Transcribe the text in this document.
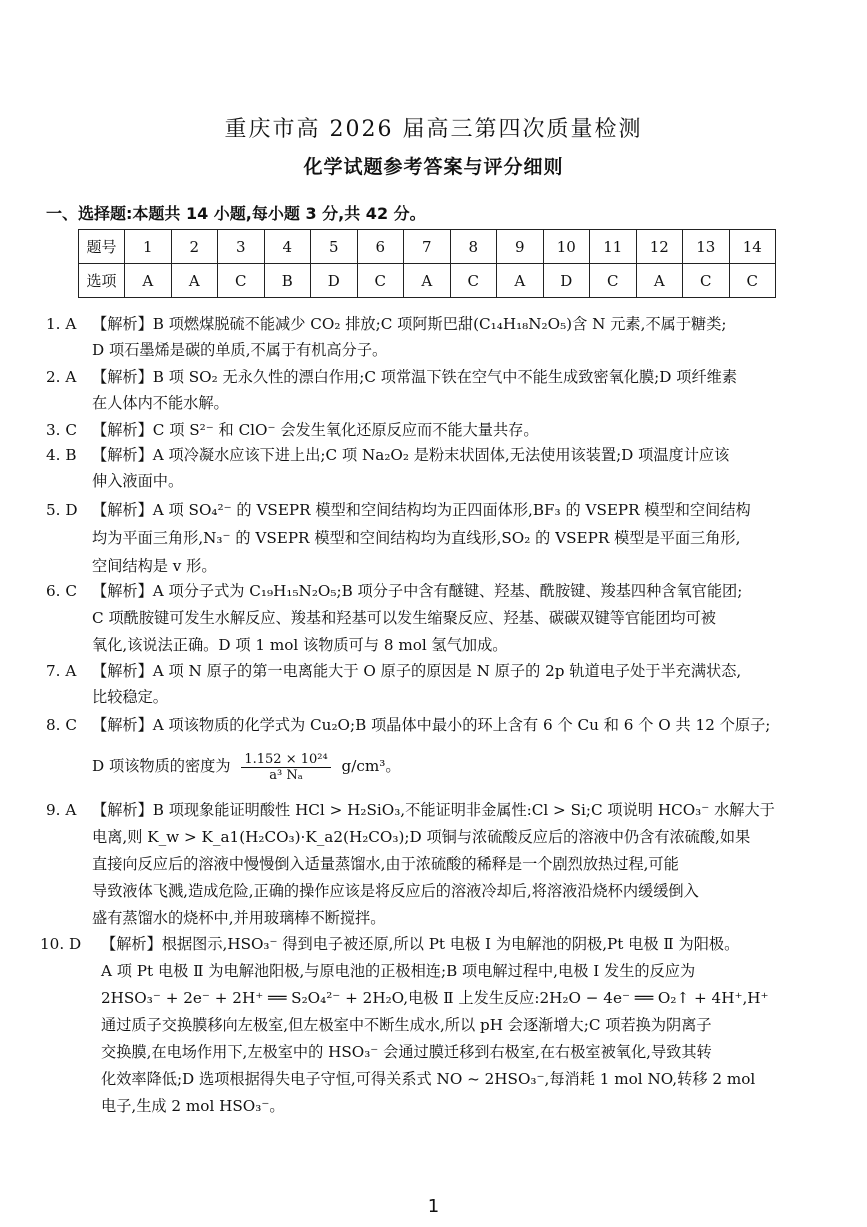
重庆市高 2026 届高三第四次质量检测
化学试题参考答案与评分细则
一、选择题:本题共 14 小题,每小题 3 分,共 42 分。
题号	1	2	3	4	5	6	7	8	9	10	11	12	13	14
选项	A	A	C	B	D	C	A	C	A	D	C	A	C	C
1. A 【解析】B 项燃煤脱硫不能减少 CO₂ 排放;C 项阿斯巴甜(C₁₄H₁₈N₂O₅)含 N 元素,不属于糖类;
D 项石墨烯是碳的单质,不属于有机高分子。
2. A 【解析】B 项 SO₂ 无永久性的漂白作用;C 项常温下铁在空气中不能生成致密氧化膜;D 项纤维素
在人体内不能水解。
3. C 【解析】C 项 S²⁻ 和 ClO⁻ 会发生氧化还原反应而不能大量共存。
4. B 【解析】A 项冷凝水应该下进上出;C 项 Na₂O₂ 是粉末状固体,无法使用该装置;D 项温度计应该
伸入液面中。
5. D 【解析】A 项 SO₄²⁻ 的 VSEPR 模型和空间结构均为正四面体形,BF₃ 的 VSEPR 模型和空间结构
均为平面三角形,N₃⁻ 的 VSEPR 模型和空间结构均为直线形,SO₂ 的 VSEPR 模型是平面三角形,
空间结构是 v 形。
6. C 【解析】A 项分子式为 C₁₉H₁₅N₂O₅;B 项分子中含有醚键、羟基、酰胺键、羧基四种含氧官能团;
C 项酰胺键可发生水解反应、羧基和羟基可以发生缩聚反应、羟基、碳碳双键等官能团均可被
氧化,该说法正确。D 项 1 mol 该物质可与 8 mol 氢气加成。
7. A 【解析】A 项 N 原子的第一电离能大于 O 原子的原因是 N 原子的 2p 轨道电子处于半充满状态,
比较稳定。
8. C 【解析】A 项该物质的化学式为 Cu₂O;B 项晶体中最小的环上含有 6 个 Cu 和 6 个 O 共 12 个原子;
D 项该物质的密度为 $\frac{\text{1.152 × 10²⁴}}{\text{a³ Nₐ}} g/cm^3$。
9. A 【解析】B 项现象能证明酸性 HCl > H₂SiO₃,不能证明非金属性:Cl > Si;C 项说明 HCO₃⁻ 水解大于
电离,则 K_w > K_a1(H₂CO₃)·K_a2(H₂CO₃);D 项铜与浓硫酸反应后的溶液中仍含有浓硫酸,如果
直接向反应后的溶液中慢慢倒入适量蒸馏水,由于浓硫酸的稀释是一个剧烈放热过程,可能
导致液体飞溅,造成危险,正确的操作应该是将反应后的溶液冷却后,将溶液沿烧杯内缓缓倒入
盛有蒸馏水的烧杯中,并用玻璃棒不断搅拌。
10. D 【解析】根据图示,HSO₃⁻ 得到电子被还原,所以 Pt 电极 Ⅰ 为电解池的阴极,Pt 电极 Ⅱ 为阳极。
A 项 Pt 电极 Ⅱ 为电解池阳极,与原电池的正极相连;B 项电解过程中,电极 Ⅰ 发生的反应为
2HSO₃⁻ + 2e⁻ + 2H⁺ ══ S₂O₄²⁻ + 2H₂O,电极 Ⅱ 上发生反应:2H₂O − 4e⁻ ══ O₂↑ + 4H⁺,H⁺
通过质子交换膜移向左极室,但左极室中不断生成水,所以 pH 会逐渐增大;C 项若换为阴离子
交换膜,在电场作用下,左极室中的 HSO₃⁻ 会通过膜迁移到右极室,在右极室被氧化,导致其转
化效率降低;D 选项根据得失电子守恒,可得关系式 NO ~ 2HSO₃⁻,每消耗 1 mol NO,转移 2 mol
电子,生成 2 mol HSO₃⁻。
1
